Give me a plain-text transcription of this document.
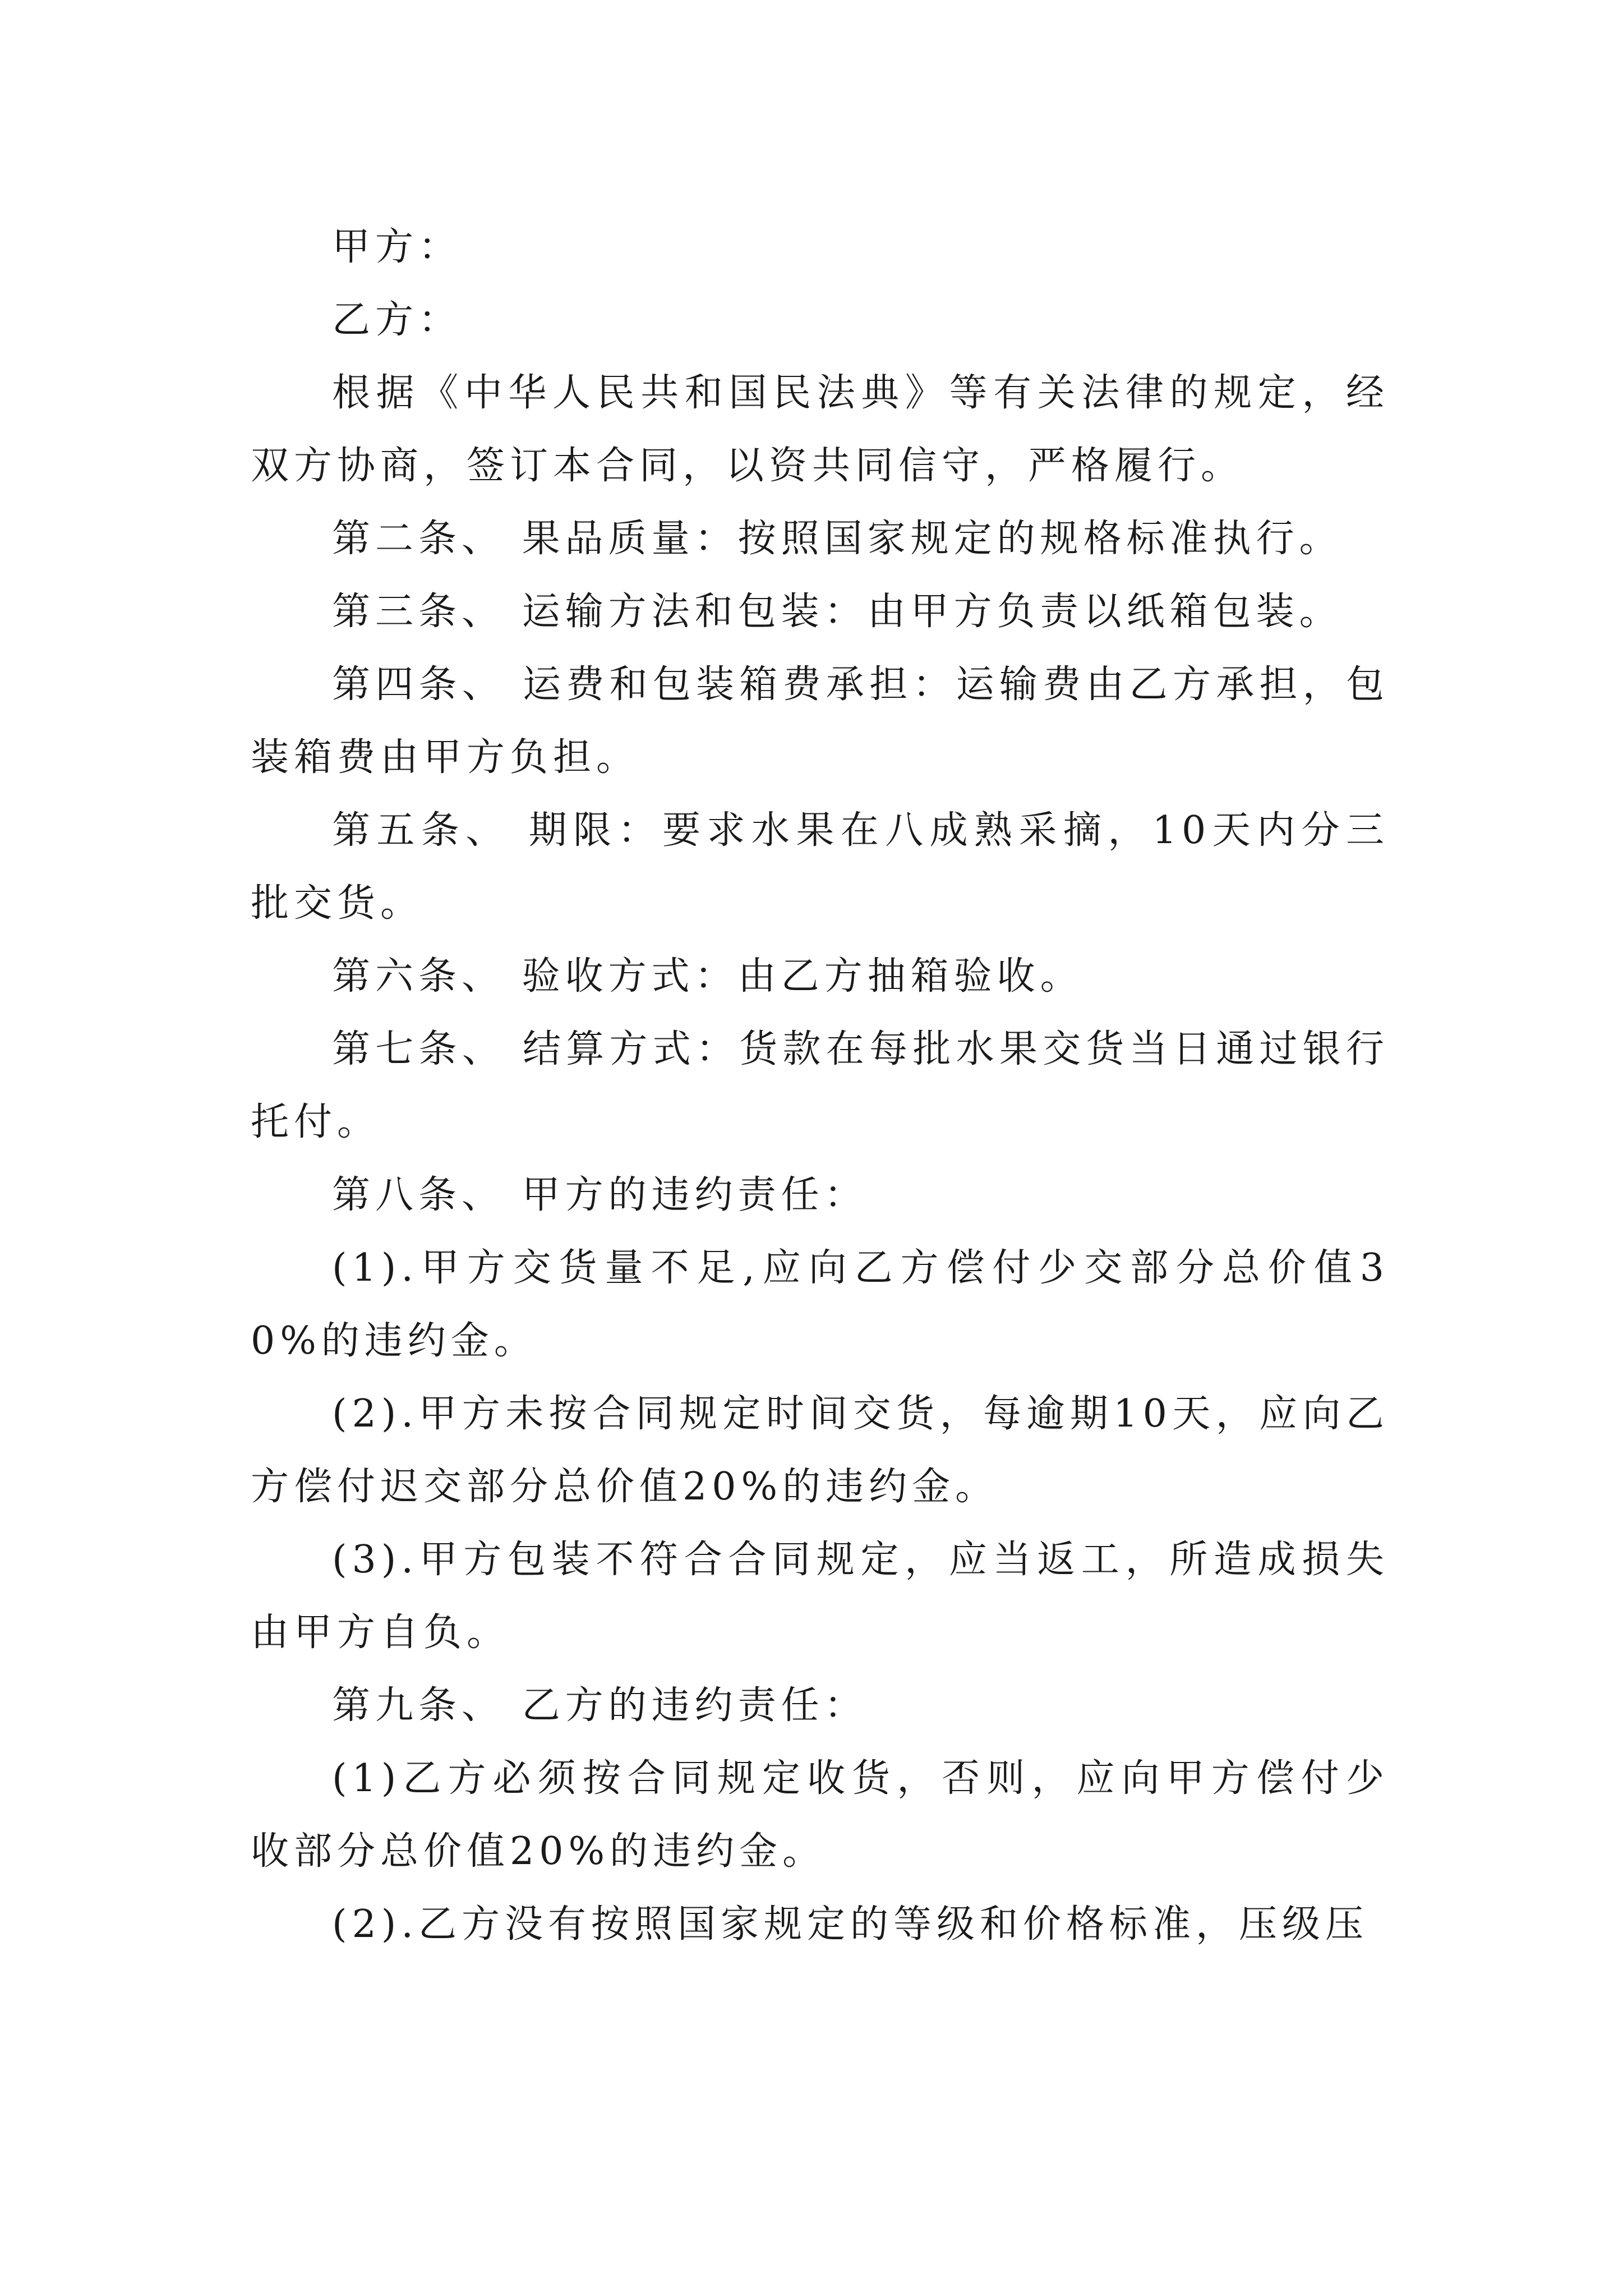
甲方：

乙方：

根据《中华人民共和国民法典》等有关法律的规定，经双方协商，签订本合同，以资共同信守，严格履行。

第二条、 果品质量：按照国家规定的规格标准执行。

第三条、 运输方法和包装：由甲方负责以纸箱包装。

第四条、 运费和包装箱费承担：运输费由乙方承担，包装箱费由甲方负担。

第五条、 期限：要求水果在八成熟采摘，10天内分三批交货。

第六条、 验收方式：由乙方抽箱验收。

第七条、 结算方式：货款在每批水果交货当日通过银行托付。

第八条、 甲方的违约责任：

(1).甲方交货量不足,应向乙方偿付少交部分总价值30%的违约金。

(2).甲方未按合同规定时间交货，每逾期10天，应向乙方偿付迟交部分总价值20%的违约金。

(3).甲方包装不符合合同规定，应当返工，所造成损失由甲方自负。

第九条、 乙方的违约责任：

(1)乙方必须按合同规定收货，否则，应向甲方偿付少收部分总价值20%的违约金。

(2).乙方没有按照国家规定的等级和价格标准，压级压
